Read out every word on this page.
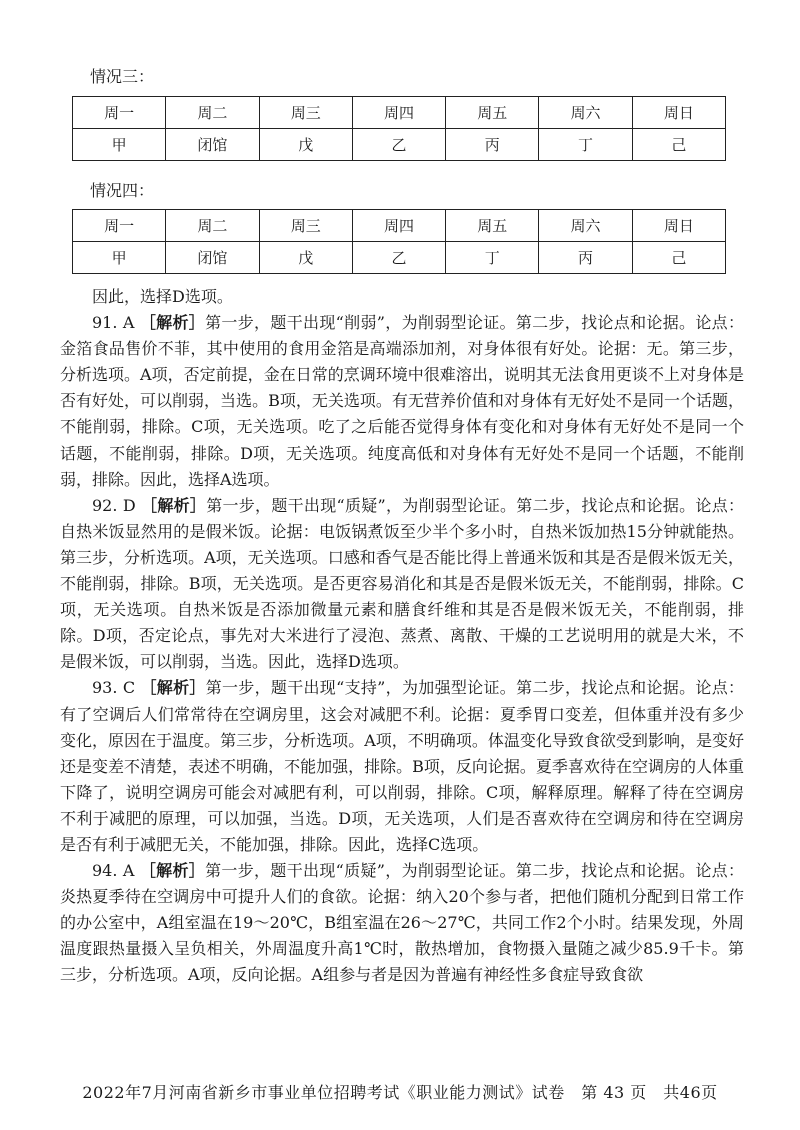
情况三：
周一	周二	周三	周四	周五	周六	周日
甲	闭馆	戊	乙	丙	丁	己
情况四：
周一	周二	周三	周四	周五	周六	周日
甲	闭馆	戊	乙	丁	丙	己

因此，选择D选项。

91. A ［解析］第一步，题干出现“削弱”，为削弱型论证。第二步，找论点和论据。论点：金箔食品售价不菲，其中使用的食用金箔是高端添加剂，对身体很有好处。论据：无。第三步，分析选项。A项，否定前提，金在日常的烹调环境中很难溶出，说明其无法食用更谈不上对身体是否有好处，可以削弱，当选。B项，无关选项。有无营养价值和对身体有无好处不是同一个话题，不能削弱，排除。C项，无关选项。吃了之后能否觉得身体有变化和对身体有无好处不是同一个话题，不能削弱，排除。D项，无关选项。纯度高低和对身体有无好处不是同一个话题，不能削弱，排除。因此，选择A选项。

92. D ［解析］第一步，题干出现“质疑”，为削弱型论证。第二步，找论点和论据。论点：自热米饭显然用的是假米饭。论据：电饭锅煮饭至少半个多小时，自热米饭加热15分钟就能热。第三步，分析选项。A项，无关选项。口感和香气是否能比得上普通米饭和其是否是假米饭无关，不能削弱，排除。B项，无关选项。是否更容易消化和其是否是假米饭无关，不能削弱，排除。C项，无关选项。自热米饭是否添加微量元素和膳食纤维和其是否是假米饭无关，不能削弱，排除。D项，否定论点，事先对大米进行了浸泡、蒸煮、离散、干燥的工艺说明用的就是大米，不是假米饭，可以削弱，当选。因此，选择D选项。

93. C ［解析］第一步，题干出现“支持”，为加强型论证。第二步，找论点和论据。论点：有了空调后人们常常待在空调房里，这会对减肥不利。论据：夏季胃口变差，但体重并没有多少变化，原因在于温度。第三步，分析选项。A项，不明确项。体温变化导致食欲受到影响，是变好还是变差不清楚，表述不明确，不能加强，排除。B项，反向论据。夏季喜欢待在空调房的人体重下降了，说明空调房可能会对减肥有利，可以削弱，排除。C项，解释原理。解释了待在空调房不利于减肥的原理，可以加强，当选。D项，无关选项，人们是否喜欢待在空调房和待在空调房是否有利于减肥无关，不能加强，排除。因此，选择C选项。

94. A ［解析］第一步，题干出现“质疑”，为削弱型论证。第二步，找论点和论据。论点：炎热夏季待在空调房中可提升人们的食欲。论据：纳入20个参与者，把他们随机分配到日常工作的办公室中，A组室温在19～20℃，B组室温在26～27℃，共同工作2个小时。结果发现，外周温度跟热量摄入呈负相关，外周温度升高1℃时，散热增加，食物摄入量随之减少85.9千卡。第三步，分析选项。A项，反向论据。A组参与者是因为普遍有神经性多食症导致食欲

2022年7月河南省新乡市事业单位招聘考试《职业能力测试》试卷　第 43 页　共46页
